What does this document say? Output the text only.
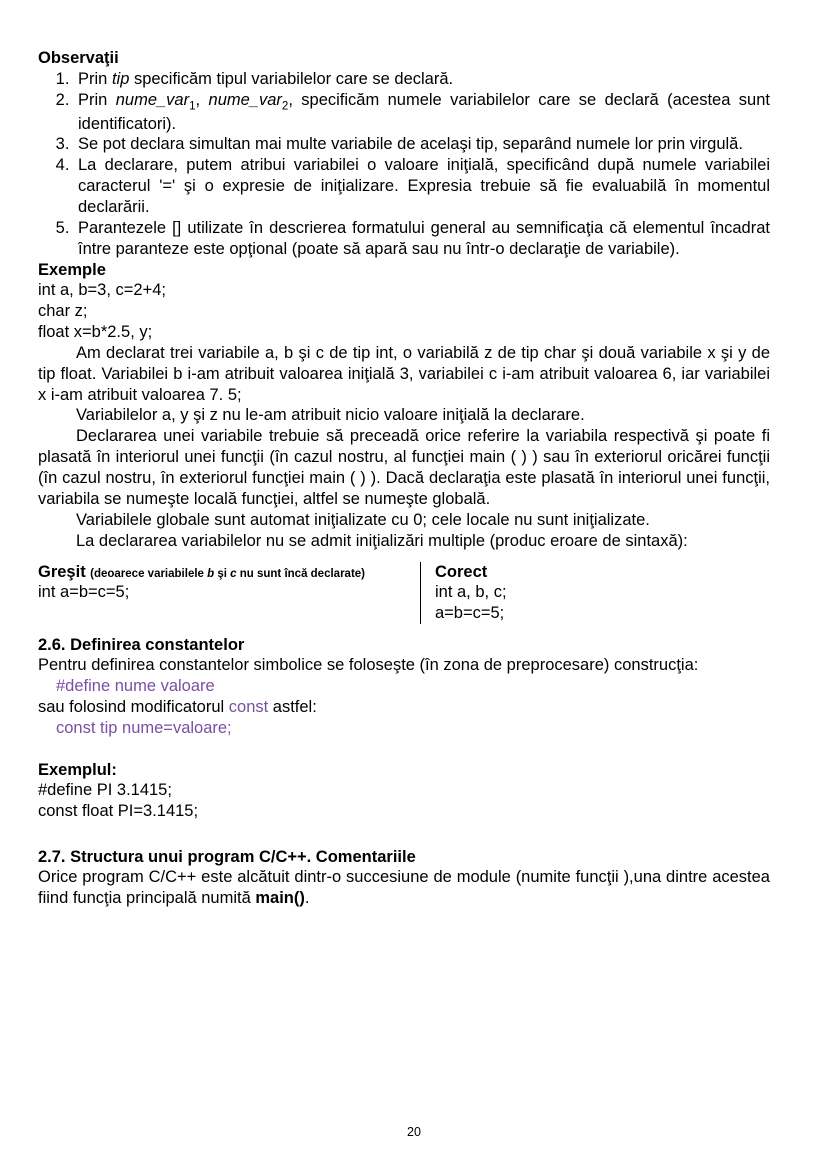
Observaţii
1. Prin tip specificăm tipul variabilelor care se declară.
2. Prin nume_var$_1$, nume_var$_2$, specificăm numele variabilelor care se declară (acestea sunt identificatori).
3. Se pot declara simultan mai multe variabile de acelaşi tip, separând numele lor prin virgulă.
4. La declarare, putem atribui variabilei o valoare iniţială, specificând după numele variabilei caracterul '=' şi o expresie de iniţializare. Expresia trebuie să fie evaluabilă în momentul declarării.
5. Parantezele [] utilizate în descrierea formatului general au semnificaţia că elementul încadrat între paranteze este opţional (poate să apară sau nu într-o declaraţie de variabile).
Exemple
int a, b=3, c=2+4;
char z;
float x=b*2.5, y;

Am declarat trei variabile a, b şi c de tip int, o variabilă z de tip char şi două variabile x şi y de tip float. Variabilei b i-am atribuit valoarea iniţială 3, variabilei c i-am atribuit valoarea 6, iar variabilei x i-am atribuit valoarea 7. 5;

Variabilelor a, y şi z nu le-am atribuit nicio valoare iniţială la declarare.

Declararea unei variabile trebuie să preceadă orice referire la variabila respectivă şi poate fi plasată în interiorul unei funcţii (în cazul nostru, al funcţiei main ( ) ) sau în exteriorul oricărei funcţii (în cazul nostru, în exteriorul funcţiei main ( ) ). Dacă declaraţia este plasată în interiorul unei funcţii, variabila se numeşte locală funcţiei, altfel se numeşte globală.

Variabilele globale sunt automat iniţializate cu 0; cele locale nu sunt iniţializate.

La declararea variabilelor nu se admit iniţializări multiple (produc eroare de sintaxă):

Greşit (deoarece variabilele b şi c nu sunt încă declarate)
int a=b=c=5;
Corect
int a, b, c;
a=b=c=5;
2.6. Definirea constantelor

Pentru definirea constantelor simbolice se foloseşte (în zona de preprocesare) construcţia:

#define nume valoare
sau folosind modificatorul const astfel:
const tip nume=valoare;
Exemplul:
#define PI 3.1415;
const float PI=3.1415;
2.7. Structura unui program C/C++. Comentariile

Orice program C/C++ este alcătuit dintr-o succesiune de module (numite funcţii ),una dintre acestea fiind funcţia principală numită main().

20
